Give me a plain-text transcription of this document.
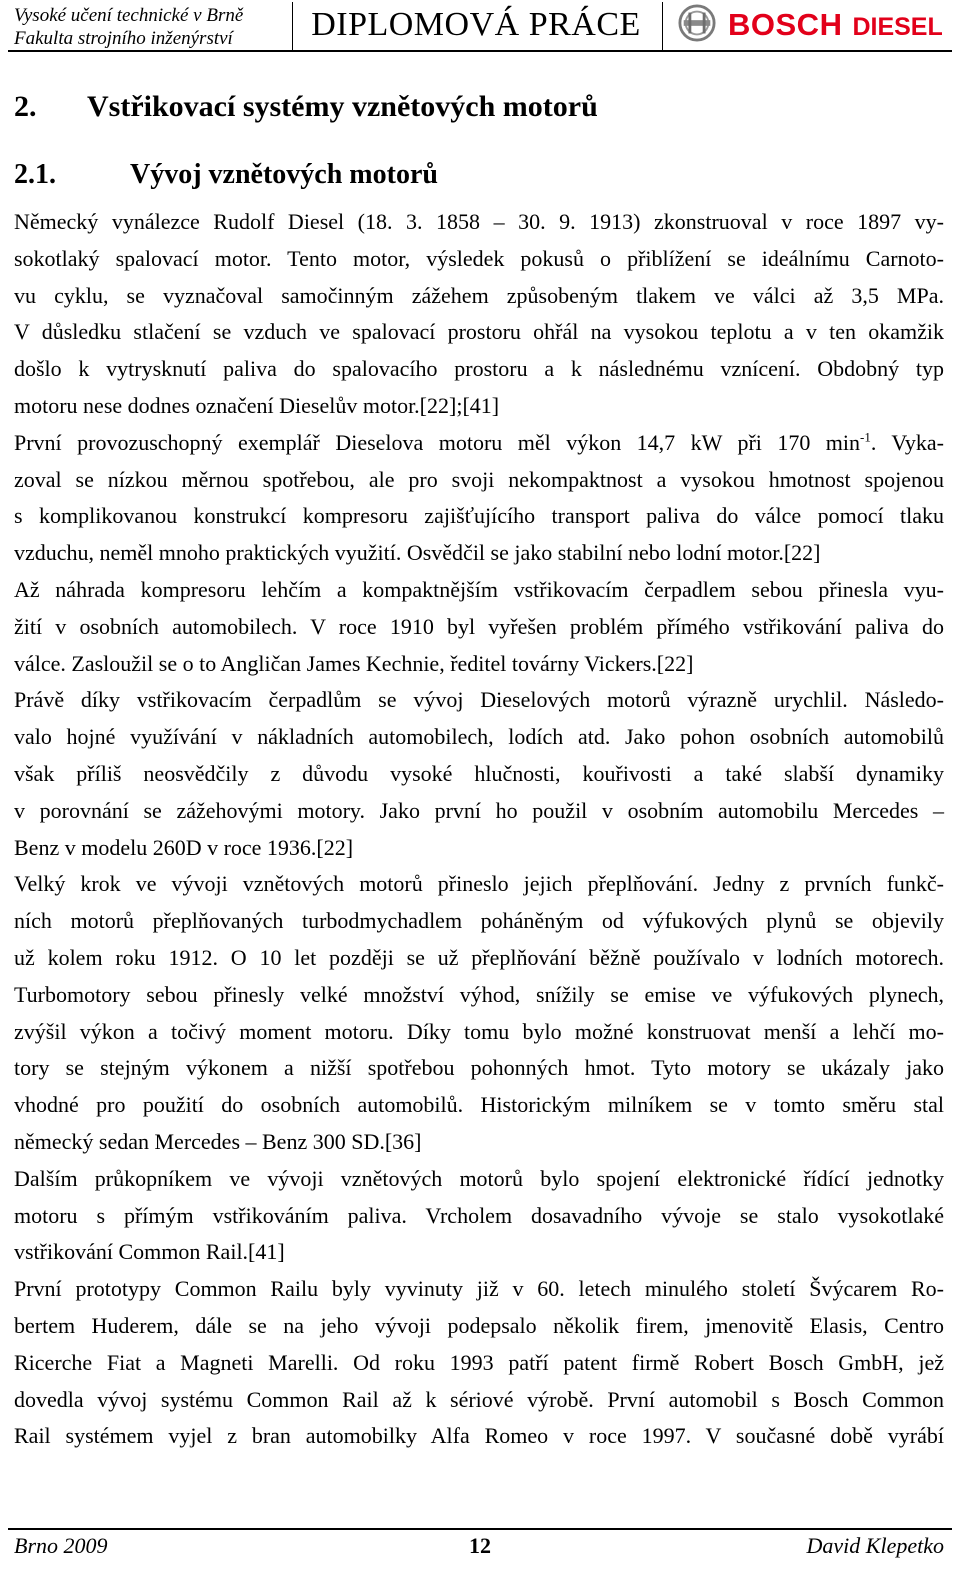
Vysoké učení technické v Brně
Fakulta strojního inženýrství	DIPLOMOVÁ PRÁCE	BOSCH DIESEL
2. Vstřikovací systémy vznětových motorů
2.1.	Vývoj vznětových motorů

Německý vynálezce Rudolf Diesel (18. 3. 1858 – 30. 9. 1913) zkonstruoval v roce 1897 vy-
sokotlaký spalovací motor. Tento motor, výsledek pokusů o přiblížení se ideálnímu Carnoto-
vu cyklu, se vyznačoval samočinným zážehem způsobeným tlakem ve válci až 3,5 MPa.
V důsledku stlačení se vzduch ve spalovací prostoru ohřál na vysokou teplotu a v ten okamžik
došlo k vytrysknutí paliva do spalovacího prostoru a k následnému vznícení. Obdobný typ
motoru nese dodnes označení Dieselův motor.[22];[41]

První provozuschopný exemplář Dieselova motoru měl výkon 14,7 kW při 170 $\min^{-1}$. Vyka-
zoval se nízkou měrnou spotřebou, ale pro svoji nekompaktnost a vysokou hmotnost spojenou
s komplikovanou konstrukcí kompresoru zajišťujícího transport paliva do válce pomocí tlaku
vzduchu, neměl mnoho praktických využití. Osvědčil se jako stabilní nebo lodní motor.[22]

Až náhrada kompresoru lehčím a kompaktnějším vstřikovacím čerpadlem sebou přinesla vyu-
žití v osobních automobilech. V roce 1910 byl vyřešen problém přímého vstřikování paliva do
válce. Zasloužil se o to Angličan James Kechnie, ředitel továrny Vickers.[22]

Právě díky vstřikovacím čerpadlům se vývoj Dieselových motorů výrazně urychlil. Následo-
valo hojné využívání v nákladních automobilech, lodích atd. Jako pohon osobních automobilů
však příliš neosvědčily z důvodu vysoké hlučnosti, kouřivosti a také slabší dynamiky
v porovnání se zážehovými motory. Jako první ho použil v osobním automobilu Mercedes –
Benz v modelu 260D v roce 1936.[22]

Velký krok ve vývoji vznětových motorů přineslo jejich přeplňování. Jedny z prvních funkč-
ních motorů přeplňovaných turbodmychadlem poháněným od výfukových plynů se objevily
už kolem roku 1912. O 10 let později se už přeplňování běžně používalo v lodních motorech.
Turbomotory sebou přinesly velké množství výhod, snížily se emise ve výfukových plynech,
zvýšil výkon a točivý moment motoru. Díky tomu bylo možné konstruovat menší a lehčí mo-
tory se stejným výkonem a nižší spotřebou pohonných hmot. Tyto motory se ukázaly jako
vhodné pro použití do osobních automobilů. Historickým milníkem se v tomto směru stal
německý sedan Mercedes – Benz 300 SD.[36]

Dalším průkopníkem ve vývoji vznětových motorů bylo spojení elektronické řídící jednotky
motoru s přímým vstřikováním paliva. Vrcholem dosavadního vývoje se stalo vysokotlaké
vstřikování Common Rail.[41]

První prototypy Common Railu byly vyvinuty již v 60. letech minulého století Švýcarem Ro-
bertem Huderem, dále se na jeho vývoji podepsalo několik firem, jmenovitě Elasis, Centro
Ricerche Fiat a Magneti Marelli. Od roku 1993 patří patent firmě Robert Bosch GmbH, jež
dovedla vývoj systému Common Rail až k sériové výrobě. První automobil s Bosch Common
Rail systémem vyjel z bran automobilky Alfa Romeo v roce 1997. V současné době vyrábí

Brno 2009	12	David Klepetko
